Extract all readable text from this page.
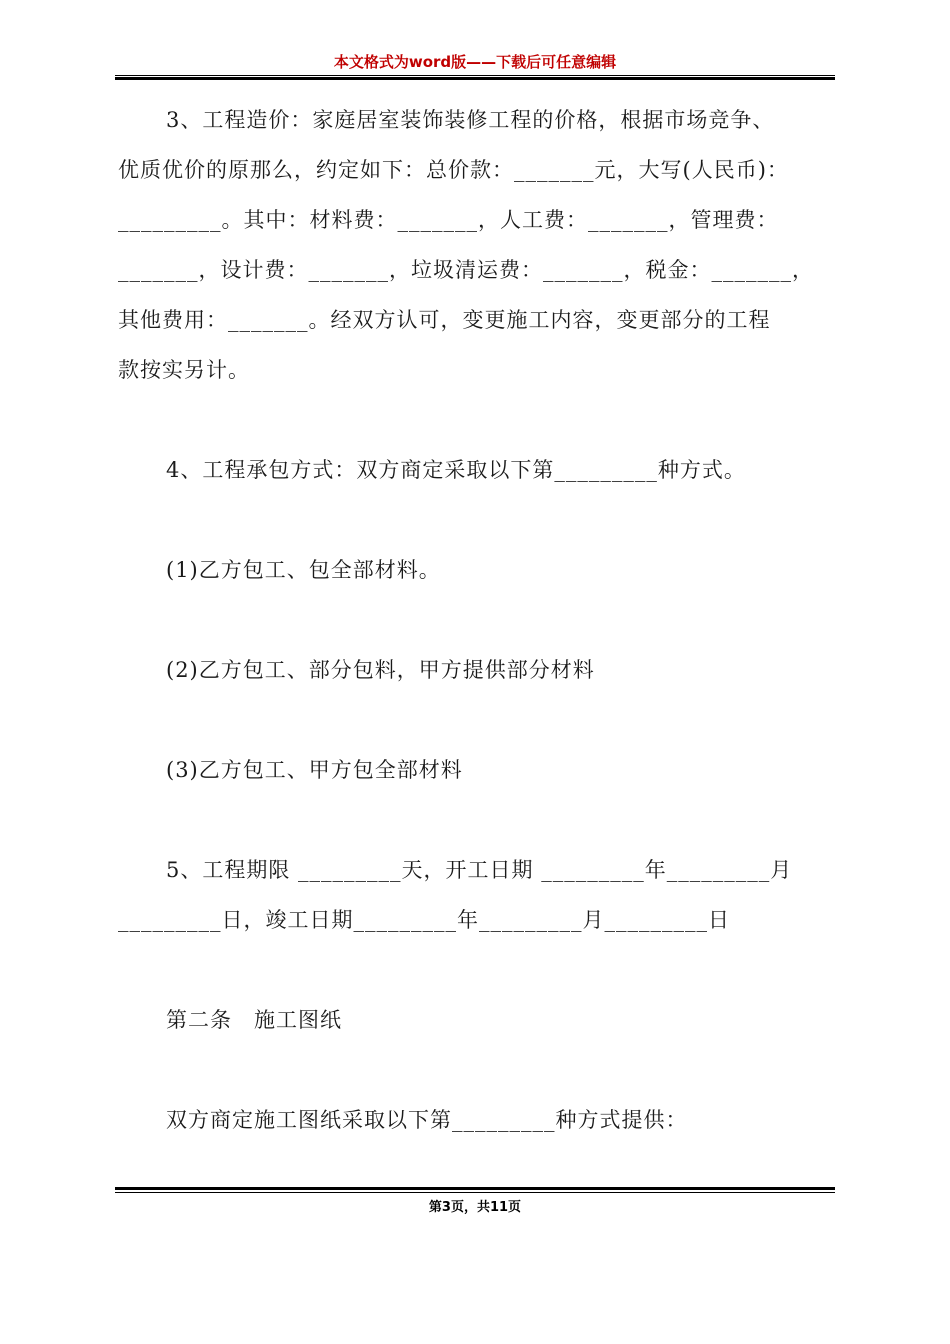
本文格式为word版——下载后可任意编辑
3、工程造价：家庭居室装饰装修工程的价格，根据市场竞争、
优质优价的原那么，约定如下：总价款：_______元，大写(人民币)：
_________。其中：材料费：_______，人工费：_______，管理费：
_______，设计费：_______，垃圾清运费：_______，税金：_______，
其他费用：_______。经双方认可，变更施工内容，变更部分的工程
款按实另计。
4、工程承包方式：双方商定采取以下第_________种方式。
(1)乙方包工、包全部材料。
(2)乙方包工、部分包料，甲方提供部分材料
(3)乙方包工、甲方包全部材料
5、工程期限 _________天，开工日期 _________年_________月
_________日，竣工日期_________年_________月_________日
第二条　施工图纸
双方商定施工图纸采取以下第_________种方式提供：
第3页，共11页
